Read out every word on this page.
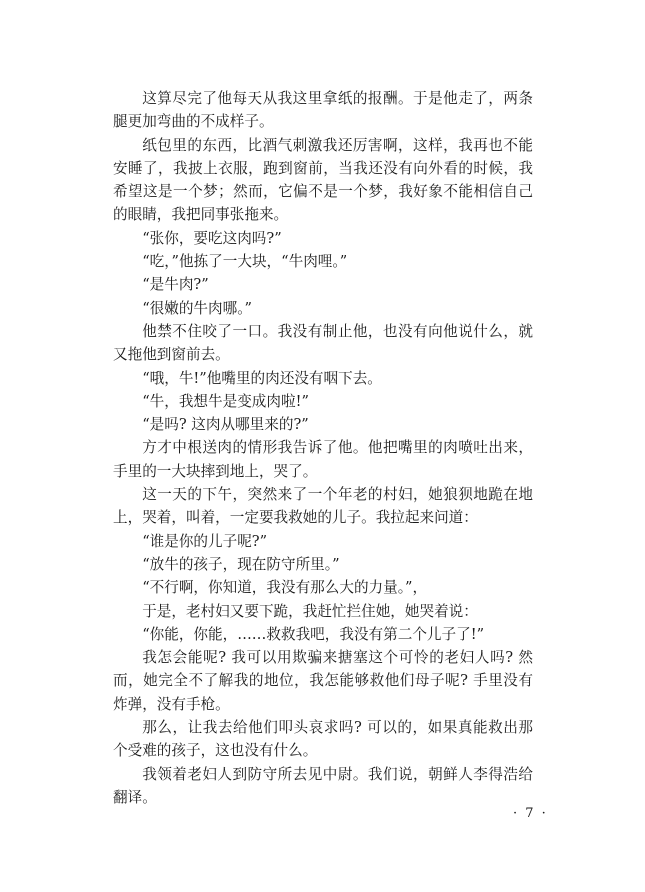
这算尽完了他每天从我这里拿纸的报酬。于是他走了，两条腿更加弯曲的不成样子。

纸包里的东西，比酒气刺激我还厉害啊，这样，我再也不能安睡了，我披上衣服，跑到窗前，当我还没有向外看的时候，我希望这是一个梦；然而，它偏不是一个梦，我好象不能相信自己的眼睛，我把同事张拖来。

“张你，要吃这肉吗?”

“吃，”他拣了一大块，“牛肉哩。”

“是牛肉?”

“很嫩的牛肉哪。”

他禁不住咬了一口。我没有制止他，也没有向他说什么，就又拖他到窗前去。

“哦，牛!”他嘴里的肉还没有咽下去。

“牛，我想牛是变成肉啦!”

“是吗? 这肉从哪里来的?”

方才中根送肉的情形我告诉了他。他把嘴里的肉喷吐出来，手里的一大块摔到地上，哭了。

这一天的下午，突然来了一个年老的村妇，她狼狈地跪在地上，哭着，叫着，一定要我救她的儿子。我拉起来问道：

“谁是你的儿子呢?”

“放牛的孩子，现在防守所里。”

“不行啊，你知道，我没有那么大的力量。”，

于是，老村妇又要下跪，我赶忙拦住她，她哭着说：

“你能，你能，……救救我吧，我没有第二个儿子了!”

我怎会能呢? 我可以用欺骗来搪塞这个可怜的老妇人吗? 然而，她完全不了解我的地位，我怎能够救他们母子呢? 手里没有炸弹，没有手枪。

那么，让我去给他们叩头哀求吗? 可以的，如果真能救出那个受难的孩子，这也没有什么。

我领着老妇人到防守所去见中尉。我们说，朝鲜人李得浩给翻译。

· 7 ·
